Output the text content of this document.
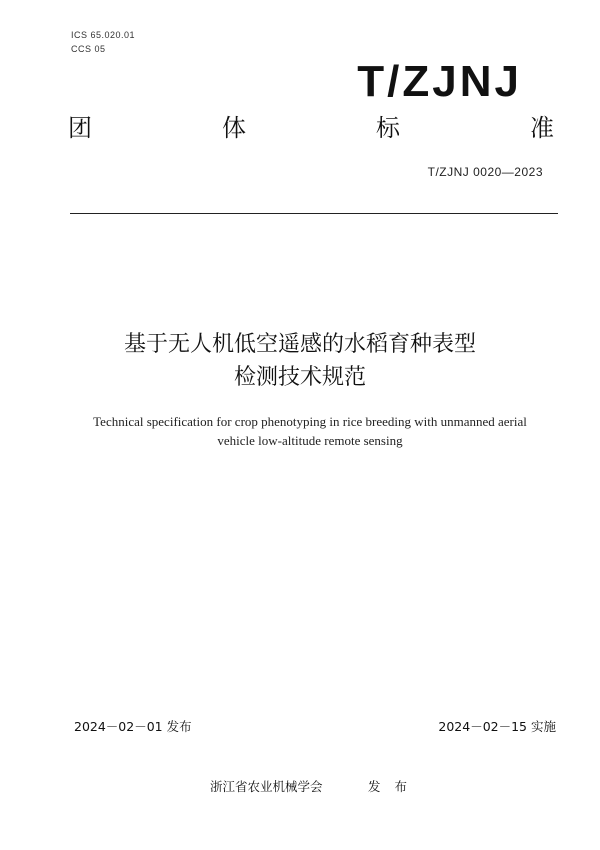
ICS 65.020.01
CCS 05
T/ZJNJ
团	体	标	准
T/ZJNJ 0020—2023
基于无人机低空遥感的水稻育种表型
检测技术规范
Technical specification for crop phenotyping in rice breeding with unmanned aerial
vehicle low-altitude remote sensing
2024－02－01 发布	2024－02－15 实施
浙江省农业机械学会	发布
